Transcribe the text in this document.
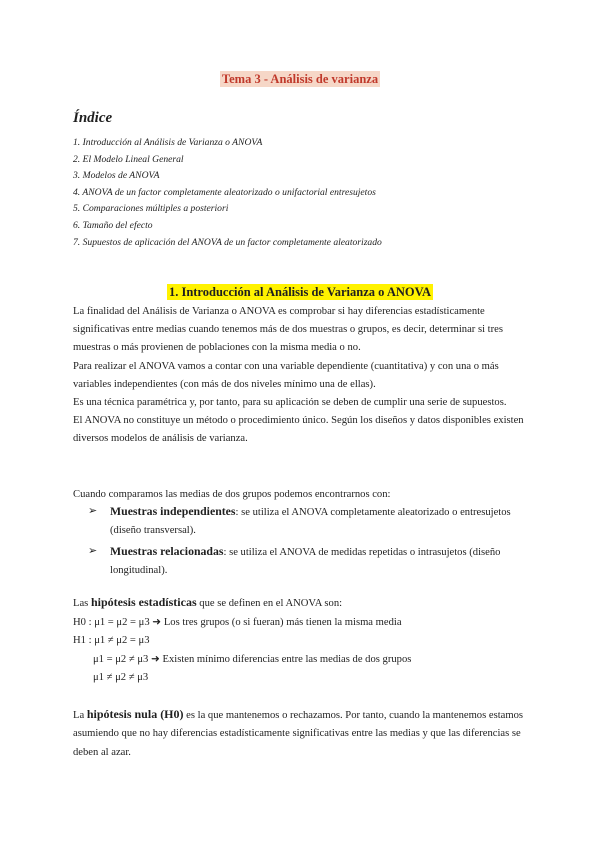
Tema 3 - Análisis de varianza
Índice
1. Introducción al Análisis de Varianza o ANOVA
2. El Modelo Lineal General
3. Modelos de ANOVA
4. ANOVA de un factor completamente aleatorizado o unifactorial entresujetos
5. Comparaciones múltiples a posteriori
6. Tamaño del efecto
7. Supuestos de aplicación del ANOVA de un factor completamente aleatorizado
1. Introducción al Análisis de Varianza o ANOVA
La finalidad del Análisis de Varianza o ANOVA es comprobar si hay diferencias estadísticamente significativas entre medias cuando tenemos más de dos muestras o grupos, es decir, determinar si tres muestras o más provienen de poblaciones con la misma media o no.
Para realizar el ANOVA vamos a contar con una variable dependiente (cuantitativa) y con una o más variables independientes (con más de dos niveles mínimo una de ellas).
Es una técnica paramétrica y, por tanto, para su aplicación se deben de cumplir una serie de supuestos.
El ANOVA no constituye un método o procedimiento único. Según los diseños y datos disponibles existen diversos modelos de análisis de varianza.
Cuando comparamos las medias de dos grupos podemos encontrarnos con:
➢ Muestras independientes: se utiliza el ANOVA completamente aleatorizado o entresujetos (diseño transversal).
➢ Muestras relacionadas: se utiliza el ANOVA de medidas repetidas o intrasujetos (diseño longitudinal).
Las hipótesis estadísticas que se definen en el ANOVA son:
H0 : μ1 = μ2 = μ3 ➜ Los tres grupos (o si fueran) más tienen la misma media
H1 : μ1 ≠ μ2 = μ3
μ1 = μ2 ≠ μ3 ➜ Existen mínimo diferencias entre las medias de dos grupos
μ1 ≠ μ2 ≠ μ3
La hipótesis nula (H0) es la que mantenemos o rechazamos. Por tanto, cuando la mantenemos estamos asumiendo que no hay diferencias estadísticamente significativas entre las medias y que las diferencias se deben al azar.
